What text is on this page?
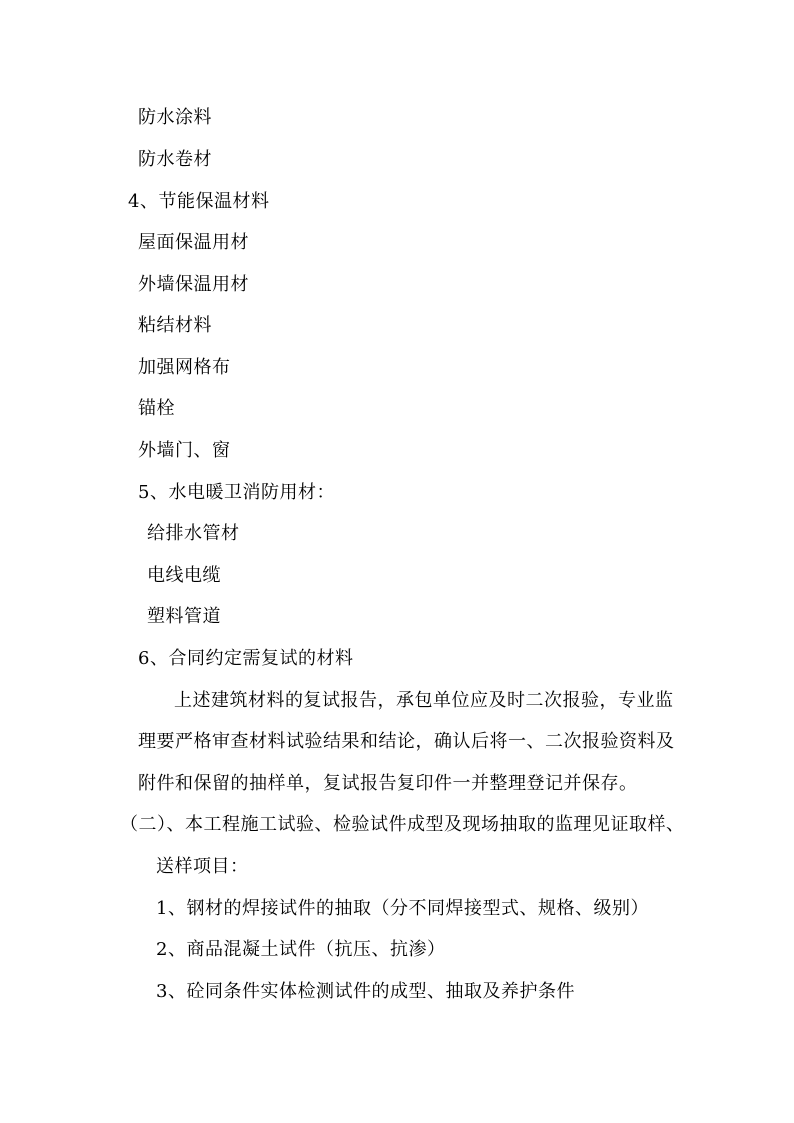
防水涂料
防水卷材
4、节能保温材料
屋面保温用材
外墙保温用材
粘结材料
加强网格布
锚栓
外墙门、窗
5、水电暖卫消防用材：
给排水管材
电线电缆
塑料管道
6、合同约定需复试的材料
上述建筑材料的复试报告，承包单位应及时二次报验，专业监
理要严格审查材料试验结果和结论，确认后将一、二次报验资料及
附件和保留的抽样单，复试报告复印件一并整理登记并保存。
（二）、本工程施工试验、检验试件成型及现场抽取的监理见证取样、
送样项目：
1、钢材的焊接试件的抽取（分不同焊接型式、规格、级别）
2、商品混凝土试件（抗压、抗渗）
3、砼同条件实体检测试件的成型、抽取及养护条件
